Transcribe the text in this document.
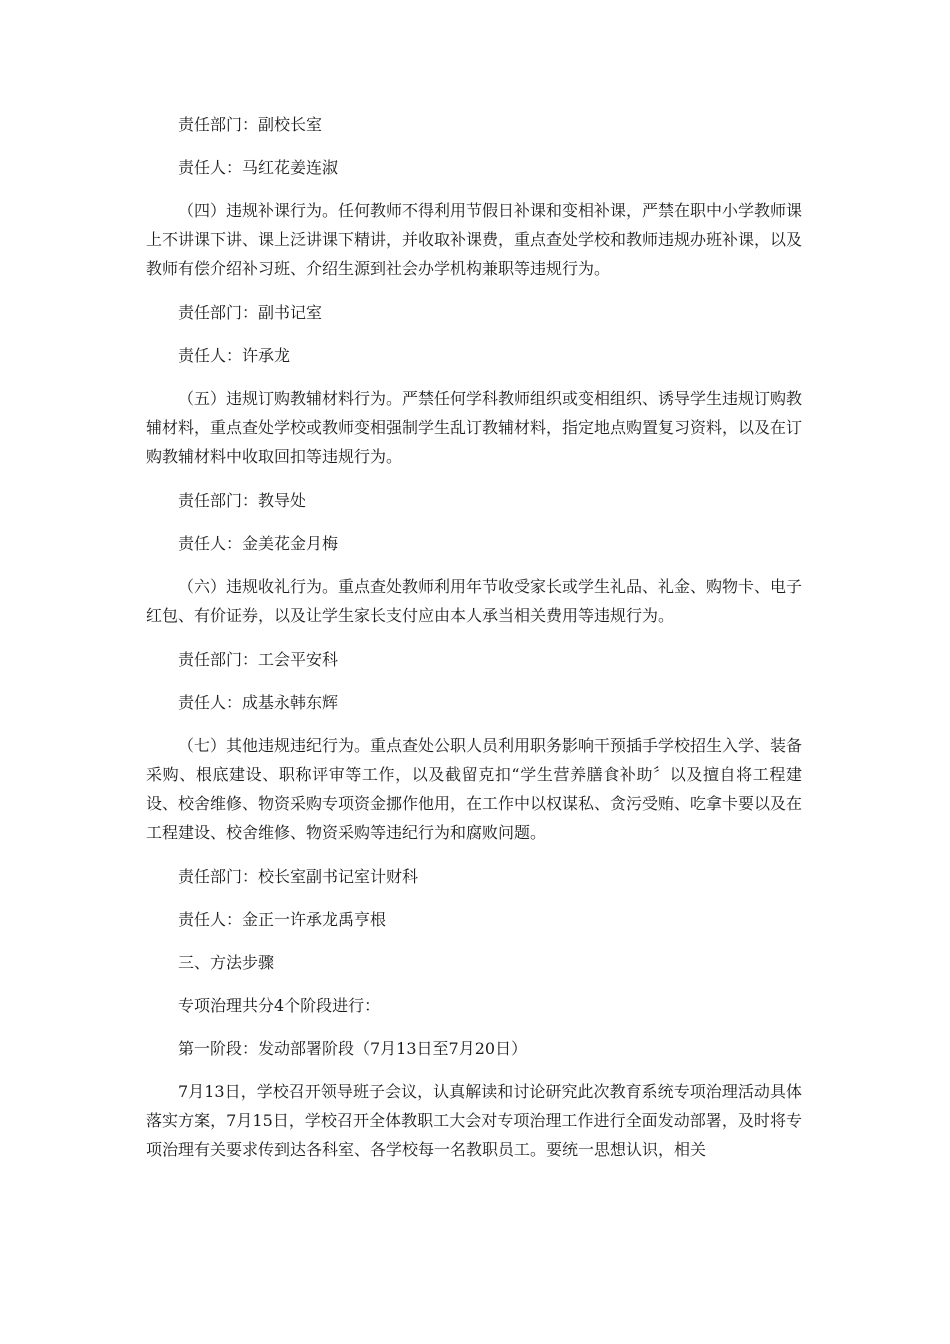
责任部门：副校长室

责任人：马红花姜连淑

（四）违规补课行为。任何教师不得利用节假日补课和变相补课，严禁在职中小学教师课上不讲课下讲、课上泛讲课下精讲，并收取补课费，重点查处学校和教师违规办班补课，以及教师有偿介绍补习班、介绍生源到社会办学机构兼职等违规行为。

责任部门：副书记室

责任人：许承龙

（五）违规订购教辅材料行为。严禁任何学科教师组织或变相组织、诱导学生违规订购教辅材料，重点查处学校或教师变相强制学生乱订教辅材料，指定地点购置复习资料，以及在订购教辅材料中收取回扣等违规行为。

责任部门：教导处

责任人：金美花金月梅

（六）违规收礼行为。重点查处教师利用年节收受家长或学生礼品、礼金、购物卡、电子红包、有价证券，以及让学生家长支付应由本人承当相关费用等违规行为。

责任部门：工会平安科

责任人：成基永韩东辉

（七）其他违规违纪行为。重点查处公职人员利用职务影响干预插手学校招生入学、装备采购、根底建设、职称评审等工作，以及截留克扣“学生营养膳食补助〞以及擅自将工程建设、校舍维修、物资采购专项资金挪作他用，在工作中以权谋私、贪污受贿、吃拿卡要以及在工程建设、校舍维修、物资采购等违纪行为和腐败问题。

责任部门：校长室副书记室计财科

责任人：金正一许承龙禹亨根

三、方法步骤

专项治理共分4个阶段进行：

第一阶段：发动部署阶段（7月13日至7月20日）

7月13日，学校召开领导班子会议，认真解读和讨论研究此次教育系统专项治理活动具体落实方案，7月15日，学校召开全体教职工大会对专项治理工作进行全面发动部署，及时将专项治理有关要求传到达各科室、各学校每一名教职员工。要统一思想认识，相关
